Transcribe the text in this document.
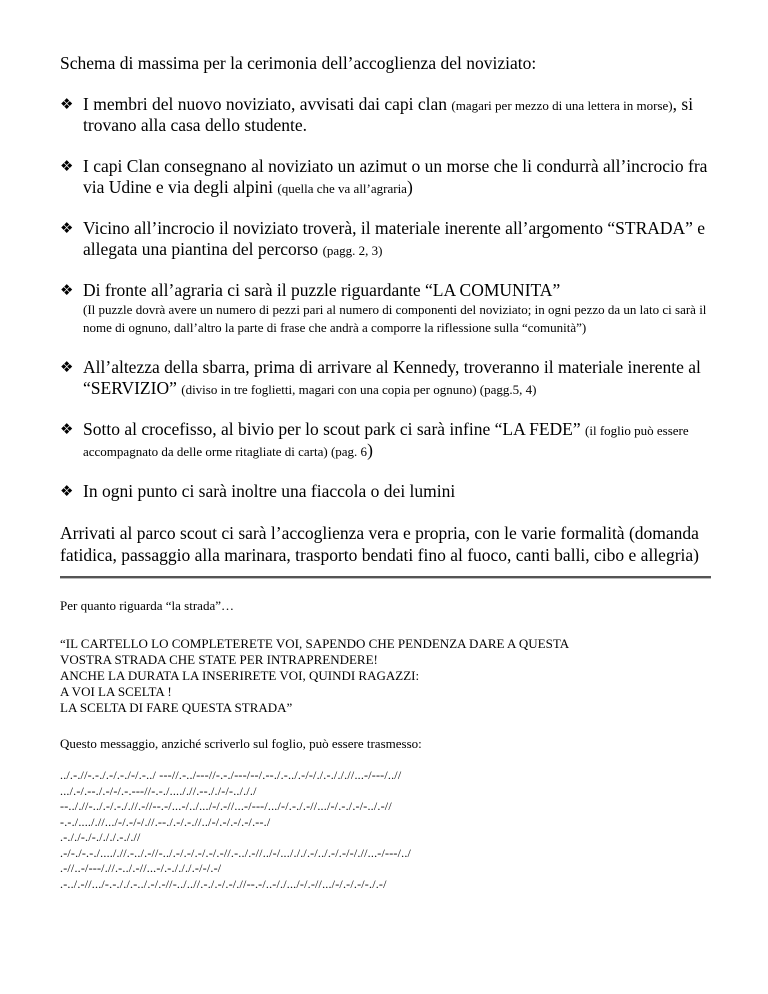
Schema di massima per la cerimonia dell’accoglienza del noviziato:

❖ I membri del nuovo noviziato, avvisati dai capi clan (magari per mezzo di una lettera in morse), si trovano alla casa dello studente.
❖ I capi Clan consegnano al noviziato un azimut o un morse che li condurrà all’incrocio fra via Udine e via degli alpini (quella che va all’agraria)
❖ Vicino all’incrocio il noviziato troverà, il materiale inerente all’argomento “STRADA” e allegata una piantina del percorso (pagg. 2, 3)
❖ Di fronte all’agraria ci sarà il puzzle riguardante “LA COMUNITA”
(Il puzzle dovrà avere un numero di pezzi pari al numero di componenti del noviziato; in ogni pezzo da un lato ci sarà il nome di ognuno, dall’altro la parte di frase che andrà a comporre la riflessione sulla “comunità”)
❖ All’altezza della sbarra, prima di arrivare al Kennedy, troveranno il materiale inerente al “SERVIZIO” (diviso in tre foglietti, magari con una copia per ognuno) (pagg.5, 4)
❖ Sotto al crocefisso, al bivio per lo scout park ci sarà infine “LA FEDE” (il foglio può essere accompagnato da delle orme ritagliate di carta) (pag. 6)
❖ In ogni punto ci sarà inoltre una fiaccola o dei lumini

Arrivati al parco scout ci sarà l’accoglienza vera e propria, con le varie formalità (domanda fatidica, passaggio alla marinara, trasporto bendati fino al fuoco, canti balli, cibo e allegria)

Per quanto riguarda “la strada”…

“IL CARTELLO LO COMPLETERETE VOI, SAPENDO CHE PENDENZA DARE A QUESTA
VOSTRA STRADA CHE STATE PER INTRAPRENDERE!
ANCHE LA DURATA LA INSERIRETE VOI, QUINDI RAGAZZI:
A VOI LA SCELTA !
LA SCELTA DI FARE QUESTA STRADA”

Questo messaggio, anziché scriverlo sul foglio, può essere trasmesso:

../.-.//-.-./.-/.-./-/.-../ ---//.-../---//-.-./---/--/.--./.-../.-/-/./.-./././/...-/---/..//
.../.-/.--./.-/-/.-.---//-.-./...././/.--././-/-../././
--.././/-../.-/.-././/.-//--.-/...-/../.../-/.-//...-/---/.../-/.-./.-//.../-/.-./.-/-../.-//
-.-./...././/.../-/.-/-/.//.--./.-/.-.//../-/.-/.-/.-/.--./
.-././-./-./././.-././/
.-/-./-.-./...././/.-../.-//-../.-/.-/.-/.-/.-//.-../.-//../-/.../././.-/../.-/.-/-/.//...-/---/../
.-//..-/---/.//.-../.-//...-/.-./././.-/-/.-/
.-../.-//.../-.-././.-../.-/.-//-../..//.-./.-/.-/.//--.-/..-/./.../-/.-//.../-/.-/.-/-./.-/
